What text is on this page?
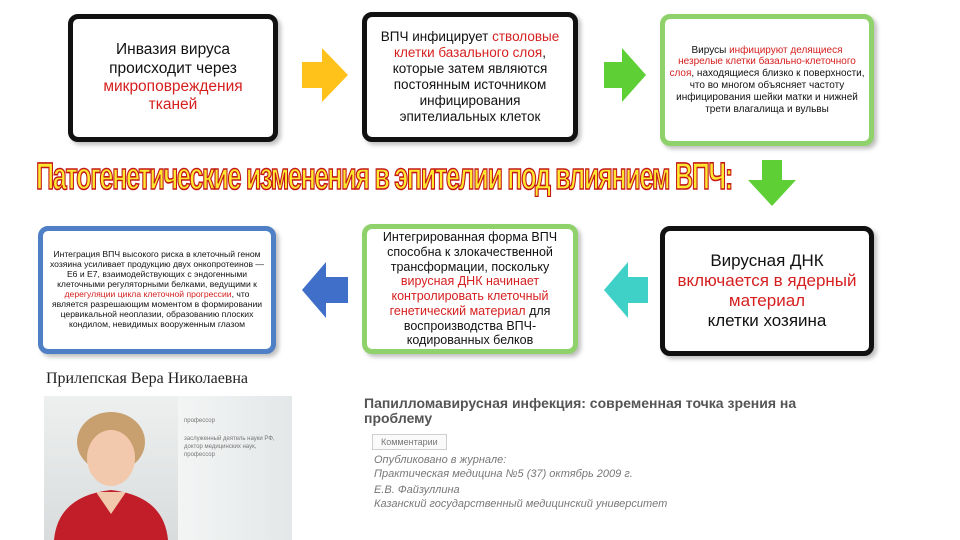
Инвазия вируса
происходит через
микроповреждения тканей
ВПЧ инфицирует стволовые клетки базального слоя, которые затем являются постоянным источником инфицирования эпителиальных клеток
Вирусы инфицируют делящиеся незрелые клетки базально-клеточного слоя, находящиеся близко к поверхности, что во многом объясняет частоту инфицирования шейки матки и нижней трети влагалища и вульвы
Патогенетические изменения в эпителии под влиянием ВПЧ:
Вирусная ДНК
включается в ядерный материал
клетки хозяина
Интегрированная форма ВПЧ способна к злокачественной трансформации, поскольку вирусная ДНК начинает контролировать клеточный генетический материал для воспроизводства ВПЧ-кодированных белков
Интеграция ВПЧ высокого риска в клеточный геном хозяина усиливает продукцию двух онкопротеинов — Е6 и Е7, взаимодействующих с эндогенными клеточными регуляторными белками, ведущими к дерегуляции цикла клеточной прогрессии, что является разрешающим моментом в формировании цервикальной неоплазии, образованию плоских кондилом, невидимых вооруженным глазом
Прилепская Вера Николаевна
профессор
заслуженный деятель науки РФ, доктор медицинских наук, профессор
Папилломавирусная инфекция: современная точка зрения на проблему
Комментарии
Опубликовано в журнале:
Практическая медицина №5 (37) октябрь 2009 г.
Е.В. Файзуллина
Казанский государственный медицинский университет
